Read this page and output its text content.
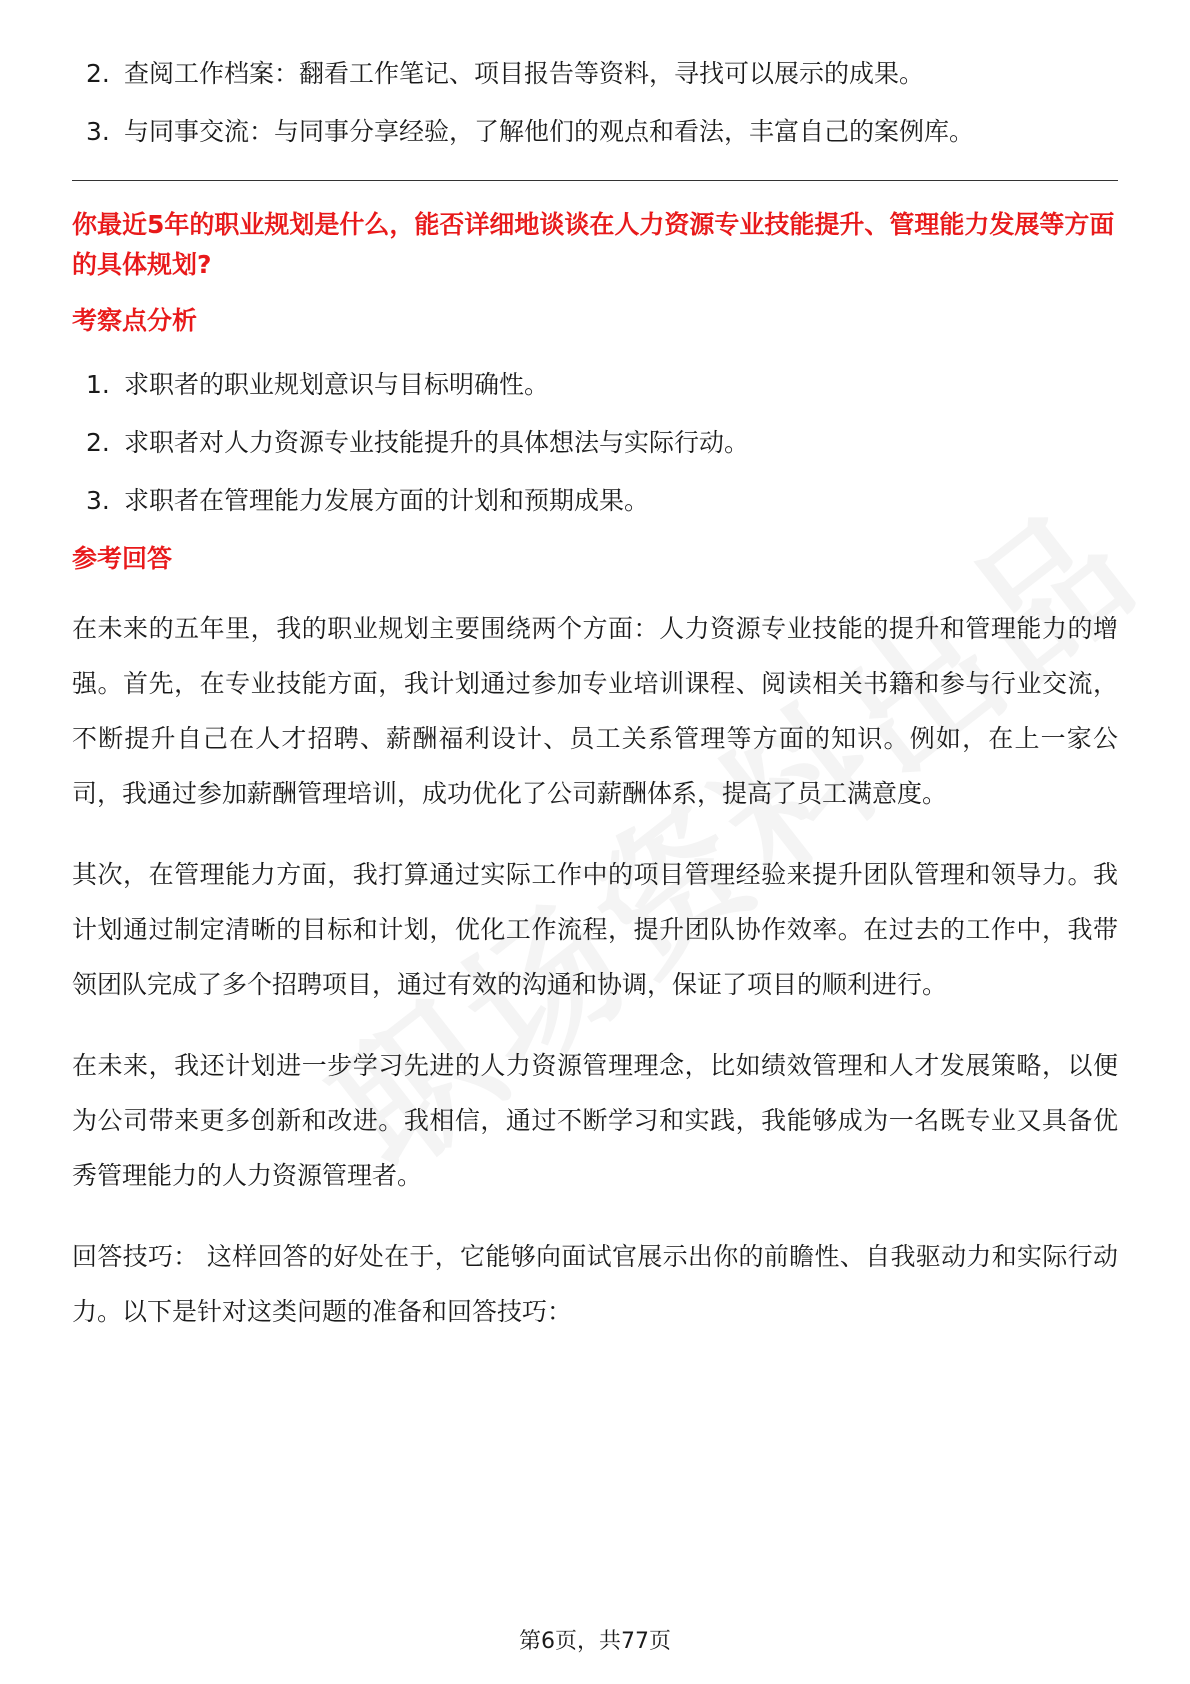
2. 查阅工作档案：翻看工作笔记、项目报告等资料，寻找可以展示的成果。
3. 与同事交流：与同事分享经验，了解他们的观点和看法，丰富自己的案例库。

你最近5年的职业规划是什么，能否详细地谈谈在人力资源专业技能提升、管理能力发展等方面的具体规划?

考察点分析
1. 求职者的职业规划意识与目标明确性。
2. 求职者对人力资源专业技能提升的具体想法与实际行动。
3. 求职者在管理能力发展方面的计划和预期成果。
参考回答

在未来的五年里，我的职业规划主要围绕两个方面：人力资源专业技能的提升和管理能力的增强。首先，在专业技能方面，我计划通过参加专业培训课程、阅读相关书籍和参与行业交流，不断提升自己在人才招聘、薪酬福利设计、员工关系管理等方面的知识。例如，在上一家公司，我通过参加薪酬管理培训，成功优化了公司薪酬体系，提高了员工满意度。

其次，在管理能力方面，我打算通过实际工作中的项目管理经验来提升团队管理和领导力。我计划通过制定清晰的目标和计划，优化工作流程，提升团队协作效率。在过去的工作中，我带领团队完成了多个招聘项目，通过有效的沟通和协调，保证了项目的顺利进行。

在未来，我还计划进一步学习先进的人力资源管理理念，比如绩效管理和人才发展策略，以便为公司带来更多创新和改进。我相信，通过不断学习和实践，我能够成为一名既专业又具备优秀管理能力的人力资源管理者。

回答技巧： 这样回答的好处在于，它能够向面试官展示出你的前瞻性、自我驱动力和实际行动力。以下是针对这类问题的准备和回答技巧：

第6页，共77页
